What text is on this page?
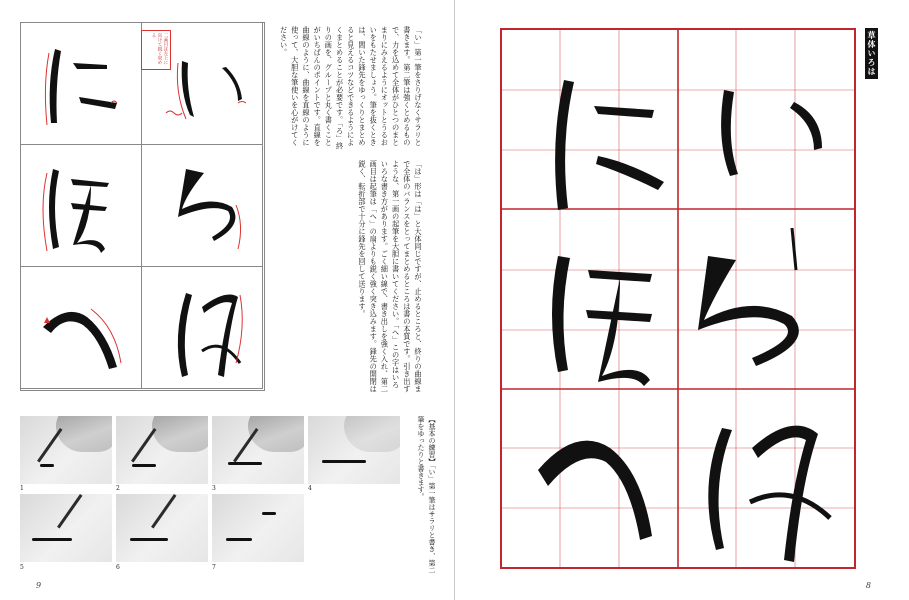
二画目は左上に向けて鋭く収める	「い」第一筆をさりげなくサラリと書きます。第二筆は強くとめるもので、力を込めて全体がひとつのまとまりにみえるようにオットとうるおいをもたせましょう。筆を抜くときは、間いた鋒先をゆっくりとまとめると見えるコツなどできるようによくまとめることが必要です。「ろ」終りの画を、グループと丸く書くことがいちばんのポイントです。直線を曲線のように、曲線を直線のように使って、大胆な筆使いを心がけてください。
「は」形は「は」と大体同じですが、止めるところと、終りの曲線まで全体のバランスをとってまとめるところは書の本質です。引き出すような、第一画の起筆を大胆に書いてください。「へ」この字はいろいろな書き方があります。ごく細い線で、書き出しを強く入れ、第二画目は起筆は「へ」の扇よりも鋭く強く突き込みます。鋒先の開閉は鋭く、転折部で十分に鋒先を回して送ります。
1	2	3	4
5	6	7	【基本の練習】「い」第一筆はサラリと書き、第二筆をゆったりと書きます。
9
草体いろは
8
